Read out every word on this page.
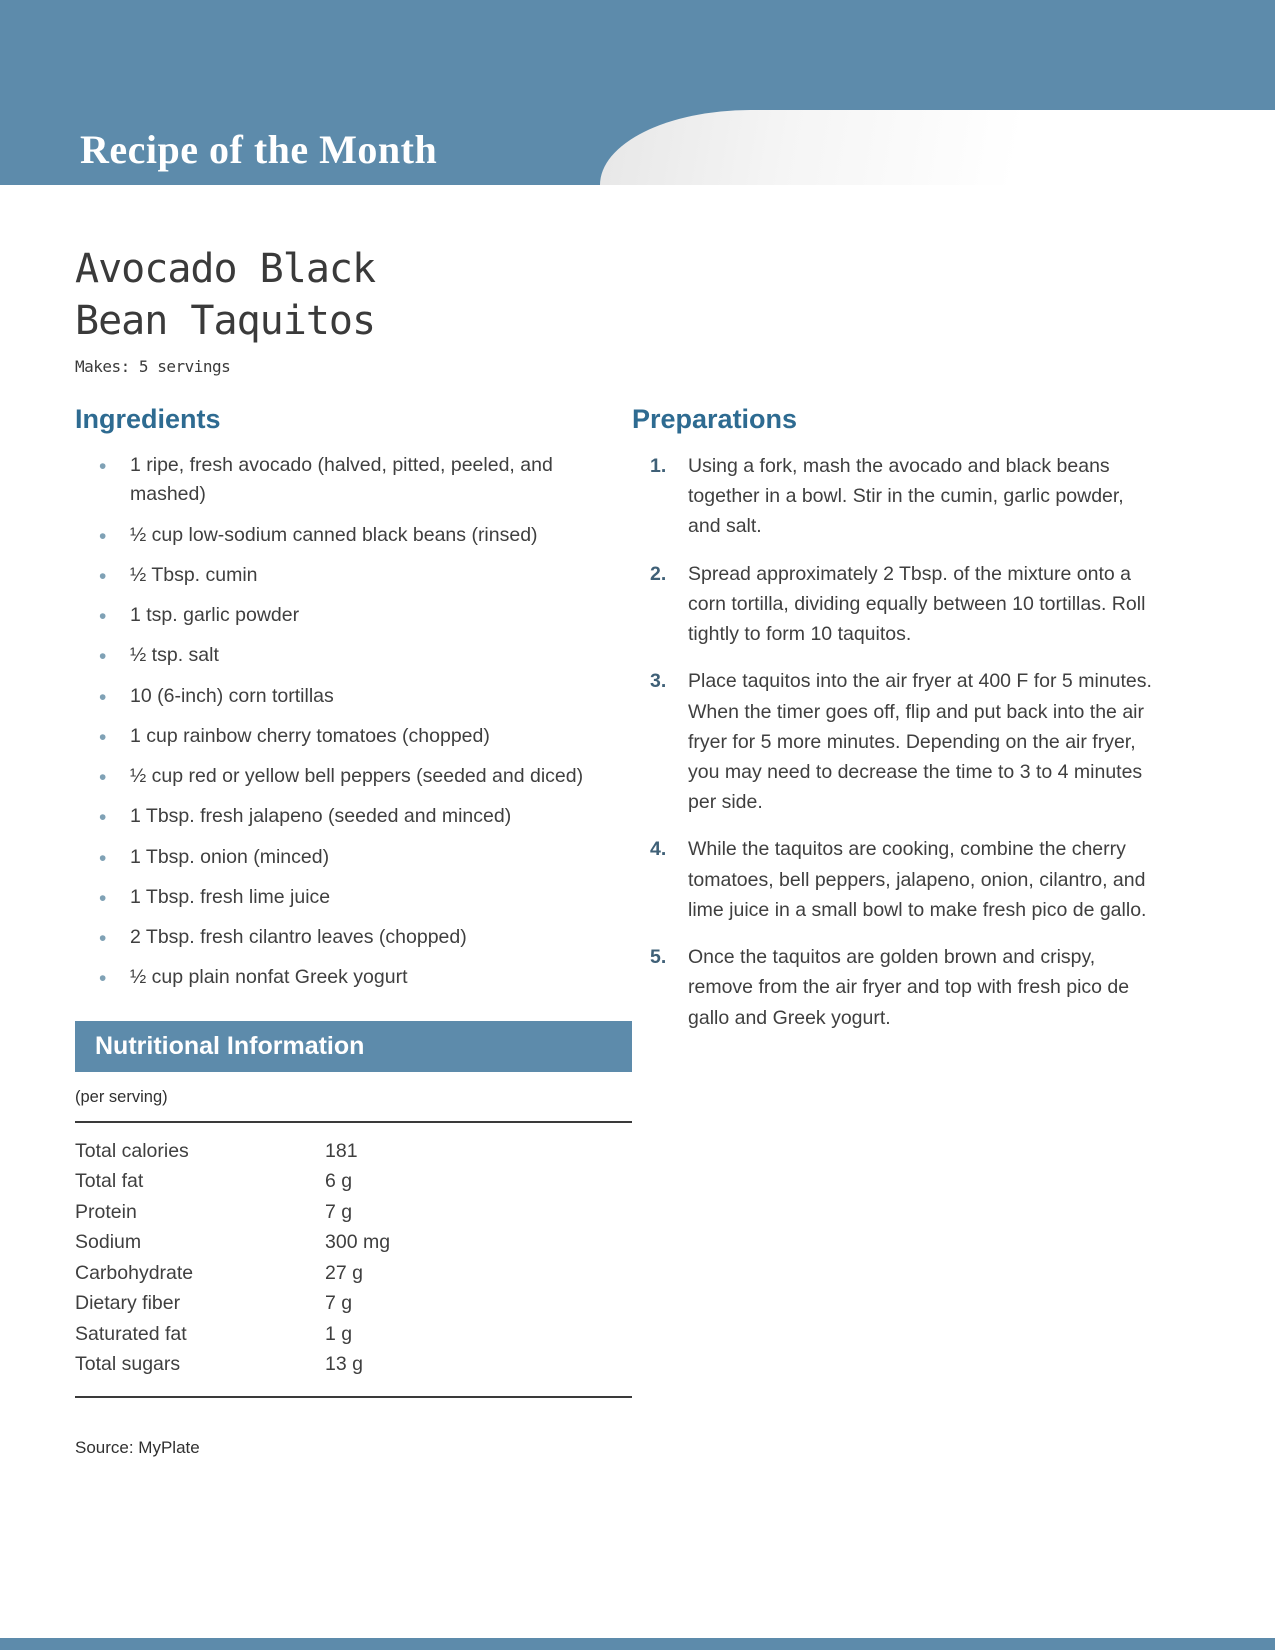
Recipe of the Month
Avocado Black
Bean Taquitos
Makes: 5 servings
Ingredients
• 1 ripe, fresh avocado (halved, pitted, peeled, and mashed)
• ½ cup low-sodium canned black beans (rinsed)
• ½ Tbsp. cumin
• 1 tsp. garlic powder
• ½ tsp. salt
• 10 (6-inch) corn tortillas
• 1 cup rainbow cherry tomatoes (chopped)
• ½ cup red or yellow bell peppers (seeded and diced)
• 1 Tbsp. fresh jalapeno (seeded and minced)
• 1 Tbsp. onion (minced)
• 1 Tbsp. fresh lime juice
• 2 Tbsp. fresh cilantro leaves (chopped)
• ½ cup plain nonfat Greek yogurt
Nutritional Information
(per serving)
Total calories	181
Total fat	6 g
Protein	7 g
Sodium	300 mg
Carbohydrate	27 g
Dietary fiber	7 g
Saturated fat	1 g
Total sugars	13 g
Source: MyPlate
Preparations
1.	Using a fork, mash the avocado and black beans together in a bowl. Stir in the cumin, garlic powder, and salt.
2.	Spread approximately 2 Tbsp. of the mixture onto a corn tortilla, dividing equally between 10 tortillas. Roll tightly to form 10 taquitos.
3.	Place taquitos into the air fryer at 400 F for 5 minutes. When the timer goes off, flip and put back into the air fryer for 5 more minutes. Depending on the air fryer, you may need to decrease the time to 3 to 4 minutes per side.
4.	While the taquitos are cooking, combine the cherry tomatoes, bell peppers, jalapeno, onion, cilantro, and lime juice in a small bowl to make fresh pico de gallo.
5.	Once the taquitos are golden brown and crispy, remove from the air fryer and top with fresh pico de gallo and Greek yogurt.
